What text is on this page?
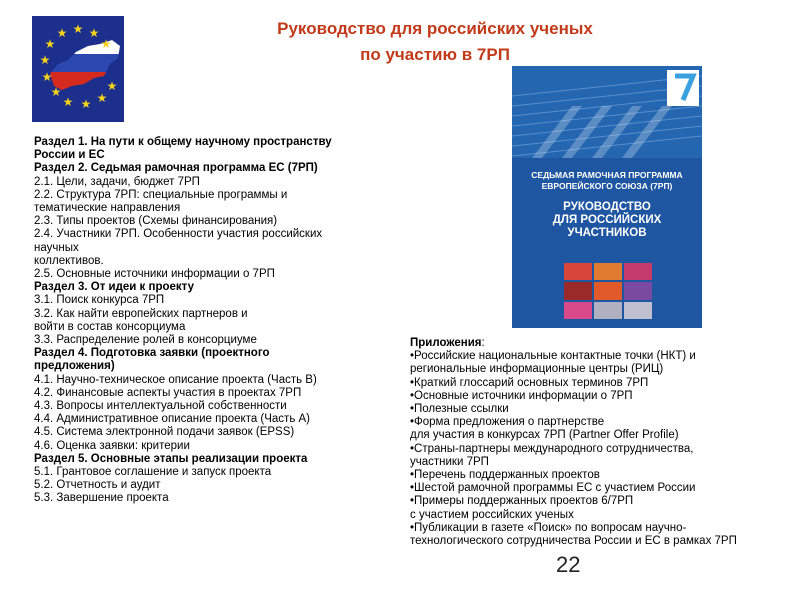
★ ★
★
★
★
★
★
★
★ ★ ★
★
Руководство для российских ученых
по участию в 7РП
СЕДЬМАЯ РАМОЧНАЯ ПРОГРАММА
ЕВРОПЕЙСКОГО СОЮЗА (7РП)
РУКОВОДСТВО
ДЛЯ РОССИЙСКИХ
УЧАСТНИКОВ
Раздел 1. На пути к общему научному пространству
России и ЕС
Раздел 2. Седьмая рамочная программа ЕС (7РП)
2.1. Цели, задачи, бюджет 7РП
2.2. Структура 7РП: специальные программы и
тематические направления
2.3. Типы проектов (Схемы финансирования)
2.4. Участники 7РП. Особенности участия российских
научных
коллективов.
2.5. Основные источники информации о 7РП
Раздел 3. От идеи к проекту
3.1. Поиск конкурса 7РП
3.2. Как найти европейских партнеров и
войти в состав консорциума
3.3. Распределение ролей в консорциуме
Раздел 4. Подготовка заявки (проектного
предложения)
4.1. Научно-техническое описание проекта (Часть B)
4.2. Финансовые аспекты участия в проектах 7РП
4.3. Вопросы интеллектуальной собственности
4.4. Административное описание проекта (Часть А)
4.5. Система электронной подачи заявок (EPSS)
4.6. Оценка заявки: критерии
Раздел 5. Основные этапы реализации проекта
5.1. Грантовое соглашение и запуск проекта
5.2. Отчетность и аудит
5.3. Завершение проекта
Приложения:
•Российские национальные контактные точки (НКТ) и
региональные информационные центры (РИЦ)
•Краткий глоссарий основных терминов 7РП
•Основные источники информации о 7РП
•Полезные ссылки
•Форма предложения о партнерстве
для участия в конкурсах 7РП (Partner Offer Profile)
•Страны-партнеры международного сотрудничества,
участники 7РП
•Перечень поддержанных проектов
•Шестой рамочной программы ЕС с участием России
•Примеры поддержанных проектов 6/7РП
с участием российских ученых
•Публикации в газете «Поиск» по вопросам научно-
технологического сотрудничества России и ЕС в рамках 7РП
22
